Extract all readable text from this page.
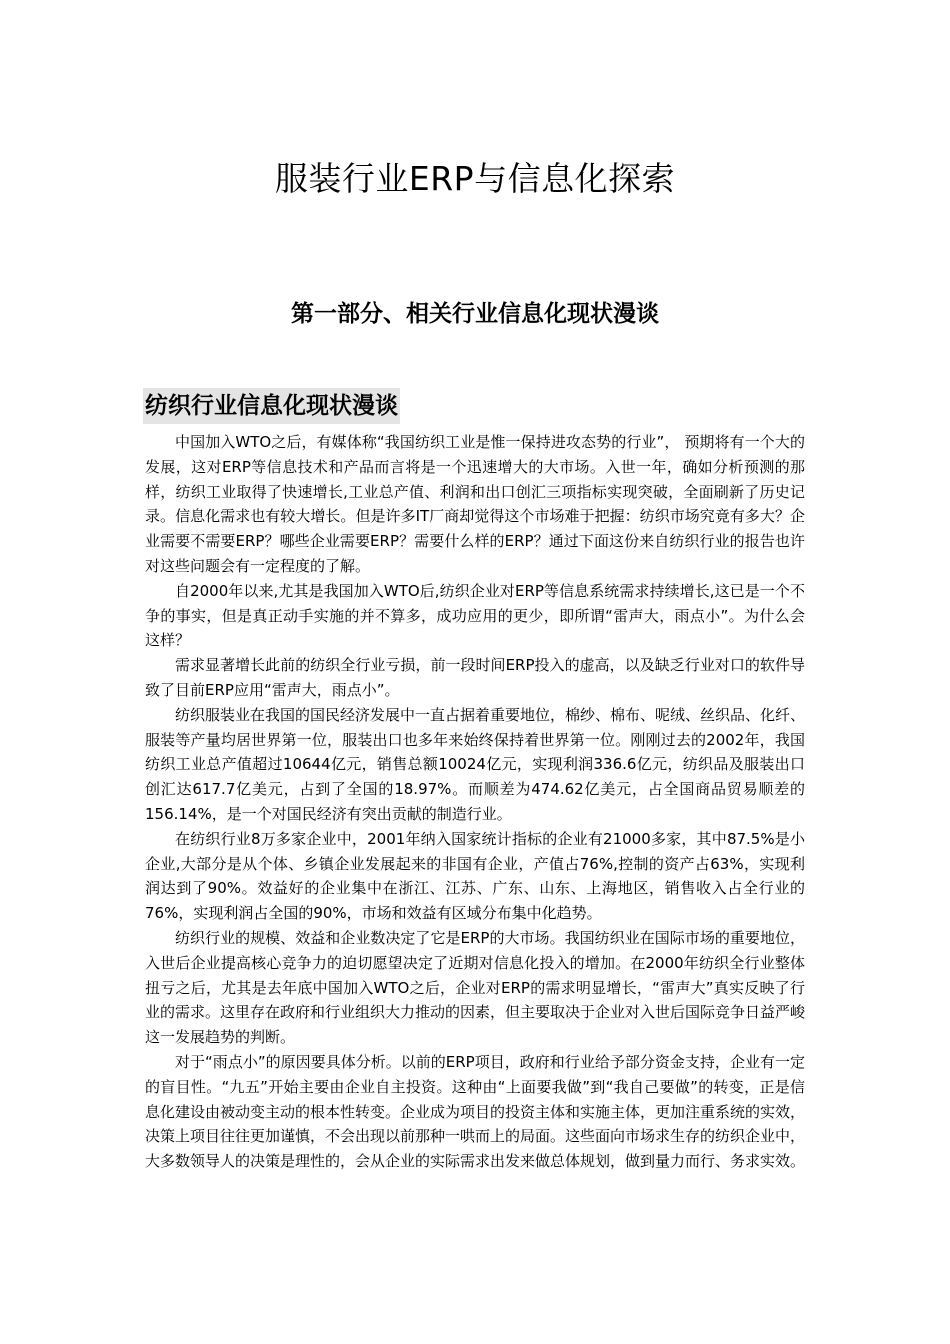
服装行业ERP与信息化探索
第一部分、相关行业信息化现状漫谈
纺织行业信息化现状漫谈

中国加入WTO之后，有媒体称“我国纺织工业是惟一保持进攻态势的行业”， 预期将有一个大的发展，这对ERP等信息技术和产品而言将是一个迅速增大的大市场。入世一年，确如分析预测的那样，纺织工业取得了快速增长,工业总产值、利润和出口创汇三项指标实现突破，全面刷新了历史记录。信息化需求也有较大增长。但是许多IT厂商却觉得这个市场难于把握：纺织市场究竟有多大？企业需要不需要ERP？哪些企业需要ERP？需要什么样的ERP？通过下面这份来自纺织行业的报告也许对这些问题会有一定程度的了解。

自2000年以来,尤其是我国加入WTO后,纺织企业对ERP等信息系统需求持续增长,这已是一个不争的事实，但是真正动手实施的并不算多，成功应用的更少，即所谓“雷声大，雨点小”。为什么会这样？

需求显著增长此前的纺织全行业亏损，前一段时间ERP投入的虚高，以及缺乏行业对口的软件导致了目前ERP应用“雷声大，雨点小”。

纺织服装业在我国的国民经济发展中一直占据着重要地位，棉纱、棉布、呢绒、丝织品、化纤、服装等产量均居世界第一位，服装出口也多年来始终保持着世界第一位。刚刚过去的2002年，我国纺织工业总产值超过10644亿元，销售总额10024亿元，实现利润336.6亿元，纺织品及服装出口创汇达617.7亿美元，占到了全国的18.97%。而顺差为474.62亿美元，占全国商品贸易顺差的156.14%，是一个对国民经济有突出贡献的制造行业。

在纺织行业8万多家企业中，2001年纳入国家统计指标的企业有21000多家，其中87.5%是小企业,大部分是从个体、乡镇企业发展起来的非国有企业，产值占76%,控制的资产占63%，实现利润达到了90%。效益好的企业集中在浙江、江苏、广东、山东、上海地区，销售收入占全行业的76%，实现利润占全国的90%，市场和效益有区域分布集中化趋势。

纺织行业的规模、效益和企业数决定了它是ERP的大市场。我国纺织业在国际市场的重要地位，入世后企业提高核心竞争力的迫切愿望决定了近期对信息化投入的增加。在2000年纺织全行业整体扭亏之后，尤其是去年底中国加入WTO之后，企业对ERP的需求明显增长，“雷声大”真实反映了行业的需求。这里存在政府和行业组织大力推动的因素，但主要取决于企业对入世后国际竞争日益严峻这一发展趋势的判断。

对于“雨点小”的原因要具体分析。以前的ERP项目，政府和行业给予部分资金支持，企业有一定的盲目性。“九五”开始主要由企业自主投资。这种由“上面要我做”到“我自己要做”的转变，正是信息化建设由被动变主动的根本性转变。企业成为项目的投资主体和实施主体，更加注重系统的实效，决策上项目往往更加谨慎，不会出现以前那种一哄而上的局面。这些面向市场求生存的纺织企业中，大多数领导人的决策是理性的，会从企业的实际需求出发来做总体规划，做到量力而行、务求实效。
